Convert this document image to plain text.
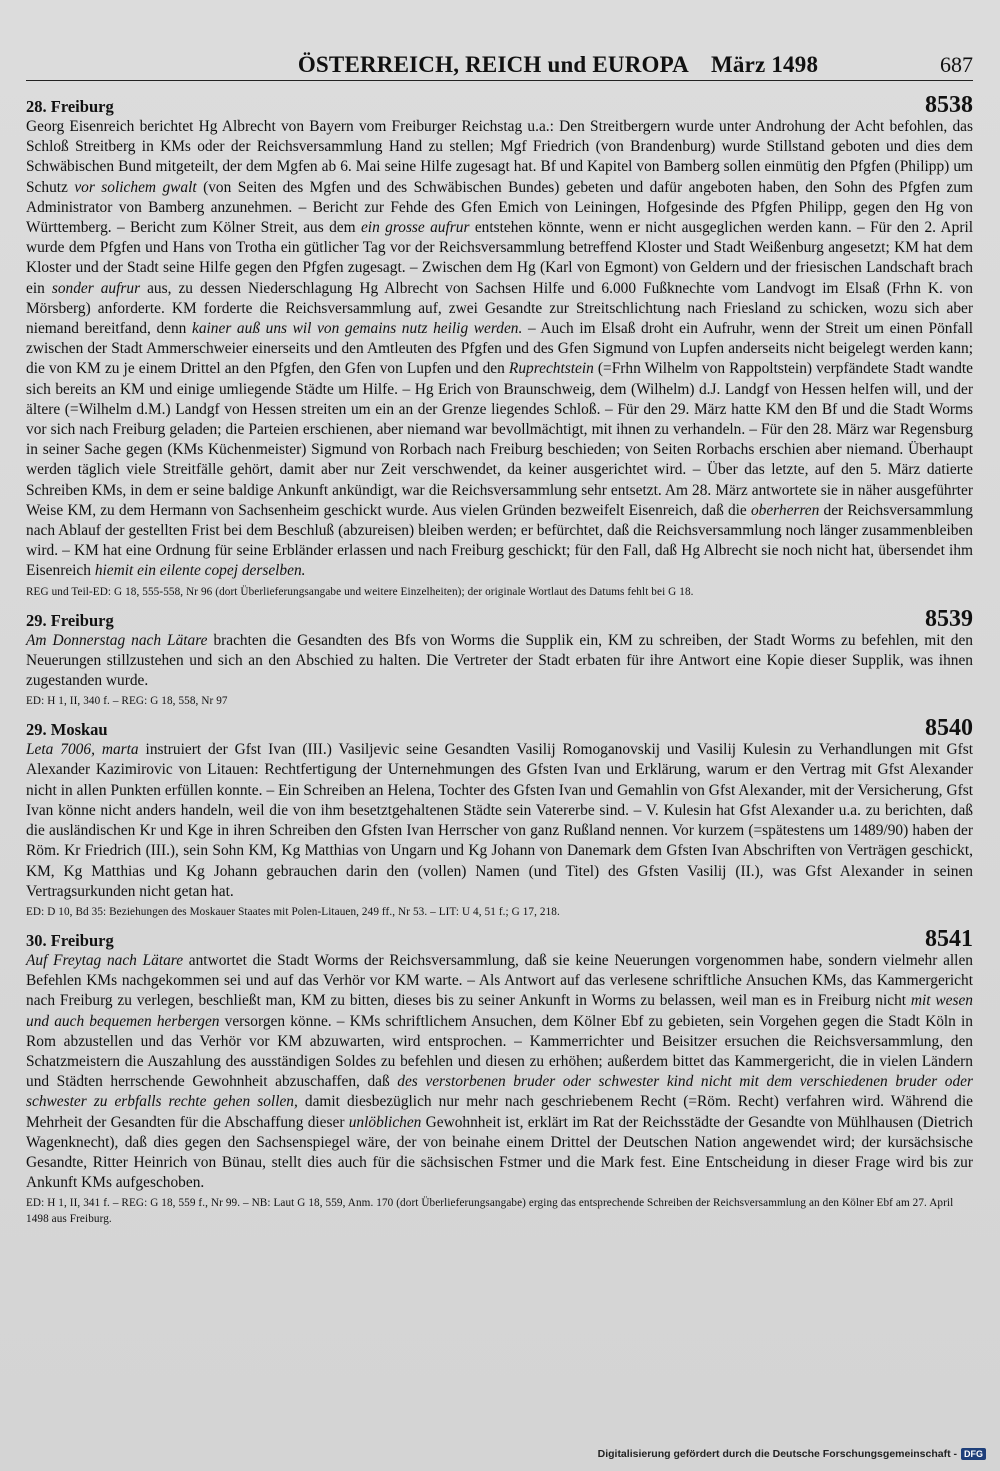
ÖSTERREICH, REICH und EUROPA März 1498	687
28. Freiburg	8538

Georg Eisenreich berichtet Hg Albrecht von Bayern vom Freiburger Reichstag u.a.: Den Streitbergern wurde unter Androhung der Acht befohlen, das Schloß Streitberg in KMs oder der Reichsversammlung Hand zu stellen; Mgf Friedrich (von Brandenburg) wurde Stillstand geboten und dies dem Schwäbischen Bund mitgeteilt, der dem Mgfen ab 6. Mai seine Hilfe zugesagt hat. Bf und Kapitel von Bamberg sollen einmütig den Pfgfen (Philipp) um Schutz vor solichem gwalt (von Seiten des Mgfen und des Schwäbischen Bundes) gebeten und dafür angeboten haben, den Sohn des Pfgfen zum Administrator von Bamberg anzunehmen. – Bericht zur Fehde des Gfen Emich von Leiningen, Hofgesinde des Pfgfen Philipp, gegen den Hg von Württemberg. – Bericht zum Kölner Streit, aus dem ein grosse aufrur entstehen könnte, wenn er nicht ausgeglichen werden kann. – Für den 2. April wurde dem Pfgfen und Hans von Trotha ein gütlicher Tag vor der Reichsversammlung betreffend Kloster und Stadt Weißenburg angesetzt; KM hat dem Kloster und der Stadt seine Hilfe gegen den Pfgfen zugesagt. – Zwischen dem Hg (Karl von Egmont) von Geldern und der friesischen Landschaft brach ein sonder aufrur aus, zu dessen Niederschlagung Hg Albrecht von Sachsen Hilfe und 6.000 Fußknechte vom Landvogt im Elsaß (Frhn K. von Mörsberg) anforderte. KM forderte die Reichsversammlung auf, zwei Gesandte zur Streitschlichtung nach Friesland zu schicken, wozu sich aber niemand bereitfand, denn kainer auß uns wil von gemains nutz heilig werden. – Auch im Elsaß droht ein Aufruhr, wenn der Streit um einen Pönfall zwischen der Stadt Ammerschweier einerseits und den Amtleuten des Pfgfen und des Gfen Sigmund von Lupfen anderseits nicht beigelegt werden kann; die von KM zu je einem Drittel an den Pfgfen, den Gfen von Lupfen und den Ruprechtstein (=Frhn Wilhelm von Rappoltstein) verpfändete Stadt wandte sich bereits an KM und einige umliegende Städte um Hilfe. – Hg Erich von Braunschweig, dem (Wilhelm) d.J. Landgf von Hessen helfen will, und der ältere (=Wilhelm d.M.) Landgf von Hessen streiten um ein an der Grenze liegendes Schloß. – Für den 29. März hatte KM den Bf und die Stadt Worms vor sich nach Freiburg geladen; die Parteien erschienen, aber niemand war bevollmächtigt, mit ihnen zu verhandeln. – Für den 28. März war Regensburg in seiner Sache gegen (KMs Küchenmeister) Sigmund von Rorbach nach Freiburg beschieden; von Seiten Rorbachs erschien aber niemand. Überhaupt werden täglich viele Streitfälle gehört, damit aber nur Zeit verschwendet, da keiner ausgerichtet wird. – Über das letzte, auf den 5. März datierte Schreiben KMs, in dem er seine baldige Ankunft ankündigt, war die Reichsversammlung sehr entsetzt. Am 28. März antwortete sie in näher ausgeführter Weise KM, zu dem Hermann von Sachsenheim geschickt wurde. Aus vielen Gründen bezweifelt Eisenreich, daß die oberherren der Reichsversammlung nach Ablauf der gestellten Frist bei dem Beschluß (abzureisen) bleiben werden; er befürchtet, daß die Reichsversammlung noch länger zusammenbleiben wird. – KM hat eine Ordnung für seine Erbländer erlassen und nach Freiburg geschickt; für den Fall, daß Hg Albrecht sie noch nicht hat, übersendet ihm Eisenreich hiemit ein eilente copej derselben.

REG und Teil-ED: G 18, 555-558, Nr 96 (dort Überlieferungsangabe und weitere Einzelheiten); der originale Wortlaut des Datums fehlt bei G 18.

29. Freiburg	8539

Am Donnerstag nach Lätare brachten die Gesandten des Bfs von Worms die Supplik ein, KM zu schreiben, der Stadt Worms zu befehlen, mit den Neuerungen stillzustehen und sich an den Abschied zu halten. Die Vertreter der Stadt erbaten für ihre Antwort eine Kopie dieser Supplik, was ihnen zugestanden wurde.

ED: H 1, II, 340 f. – REG: G 18, 558, Nr 97

29. Moskau	8540

Leta 7006, marta instruiert der Gfst Ivan (III.) Vasiljevic seine Gesandten Vasilij Romoganovskij und Vasilij Kulesin zu Verhandlungen mit Gfst Alexander Kazimirovic von Litauen: Rechtfertigung der Unternehmungen des Gfsten Ivan und Erklärung, warum er den Vertrag mit Gfst Alexander nicht in allen Punkten erfüllen konnte. – Ein Schreiben an Helena, Tochter des Gfsten Ivan und Gemahlin von Gfst Alexander, mit der Versicherung, Gfst Ivan könne nicht anders handeln, weil die von ihm besetztgehaltenen Städte sein Vatererbe sind. – V. Kulesin hat Gfst Alexander u.a. zu berichten, daß die ausländischen Kr und Kge in ihren Schreiben den Gfsten Ivan Herrscher von ganz Rußland nennen. Vor kurzem (=spätestens um 1489/90) haben der Röm. Kr Friedrich (III.), sein Sohn KM, Kg Matthias von Ungarn und Kg Johann von Danemark dem Gfsten Ivan Abschriften von Verträgen geschickt, KM, Kg Matthias und Kg Johann gebrauchen darin den (vollen) Namen (und Titel) des Gfsten Vasilij (II.), was Gfst Alexander in seinen Vertragsurkunden nicht getan hat.

ED: D 10, Bd 35: Beziehungen des Moskauer Staates mit Polen-Litauen, 249 ff., Nr 53. – LIT: U 4, 51 f.; G 17, 218.

30. Freiburg	8541

Auf Freytag nach Lätare antwortet die Stadt Worms der Reichsversammlung, daß sie keine Neuerungen vorgenommen habe, sondern vielmehr allen Befehlen KMs nachgekommen sei und auf das Verhör vor KM warte. – Als Antwort auf das verlesene schriftliche Ansuchen KMs, das Kammergericht nach Freiburg zu verlegen, beschließt man, KM zu bitten, dieses bis zu seiner Ankunft in Worms zu belassen, weil man es in Freiburg nicht mit wesen und auch bequemen herbergen versorgen könne. – KMs schriftlichem Ansuchen, dem Kölner Ebf zu gebieten, sein Vorgehen gegen die Stadt Köln in Rom abzustellen und das Verhör vor KM abzuwarten, wird entsprochen. – Kammerrichter und Beisitzer ersuchen die Reichsversammlung, den Schatzmeistern die Auszahlung des ausständigen Soldes zu befehlen und diesen zu erhöhen; außerdem bittet das Kammergericht, die in vielen Ländern und Städten herrschende Gewohnheit abzuschaffen, daß des verstorbenen bruder oder schwester kind nicht mit dem verschiedenen bruder oder schwester zu erbfalls rechte gehen sollen, damit diesbezüglich nur mehr nach geschriebenem Recht (=Röm. Recht) verfahren wird. Während die Mehrheit der Gesandten für die Abschaffung dieser unlöblichen Gewohnheit ist, erklärt im Rat der Reichsstädte der Gesandte von Mühlhausen (Dietrich Wagenknecht), daß dies gegen den Sachsenspiegel wäre, der von beinahe einem Drittel der Deutschen Nation angewendet wird; der kursächsische Gesandte, Ritter Heinrich von Bünau, stellt dies auch für die sächsischen Fstmer und die Mark fest. Eine Entscheidung in dieser Frage wird bis zur Ankunft KMs aufgeschoben.

ED: H 1, II, 341 f. – REG: G 18, 559 f., Nr 99. – NB: Laut G 18, 559, Anm. 170 (dort Überlieferungsangabe) erging das entsprechende Schreiben der Reichsversammlung an den Kölner Ebf am 27. April 1498 aus Freiburg.

Digitalisierung gefördert durch die Deutsche Forschungsgemeinschaft - DFG
